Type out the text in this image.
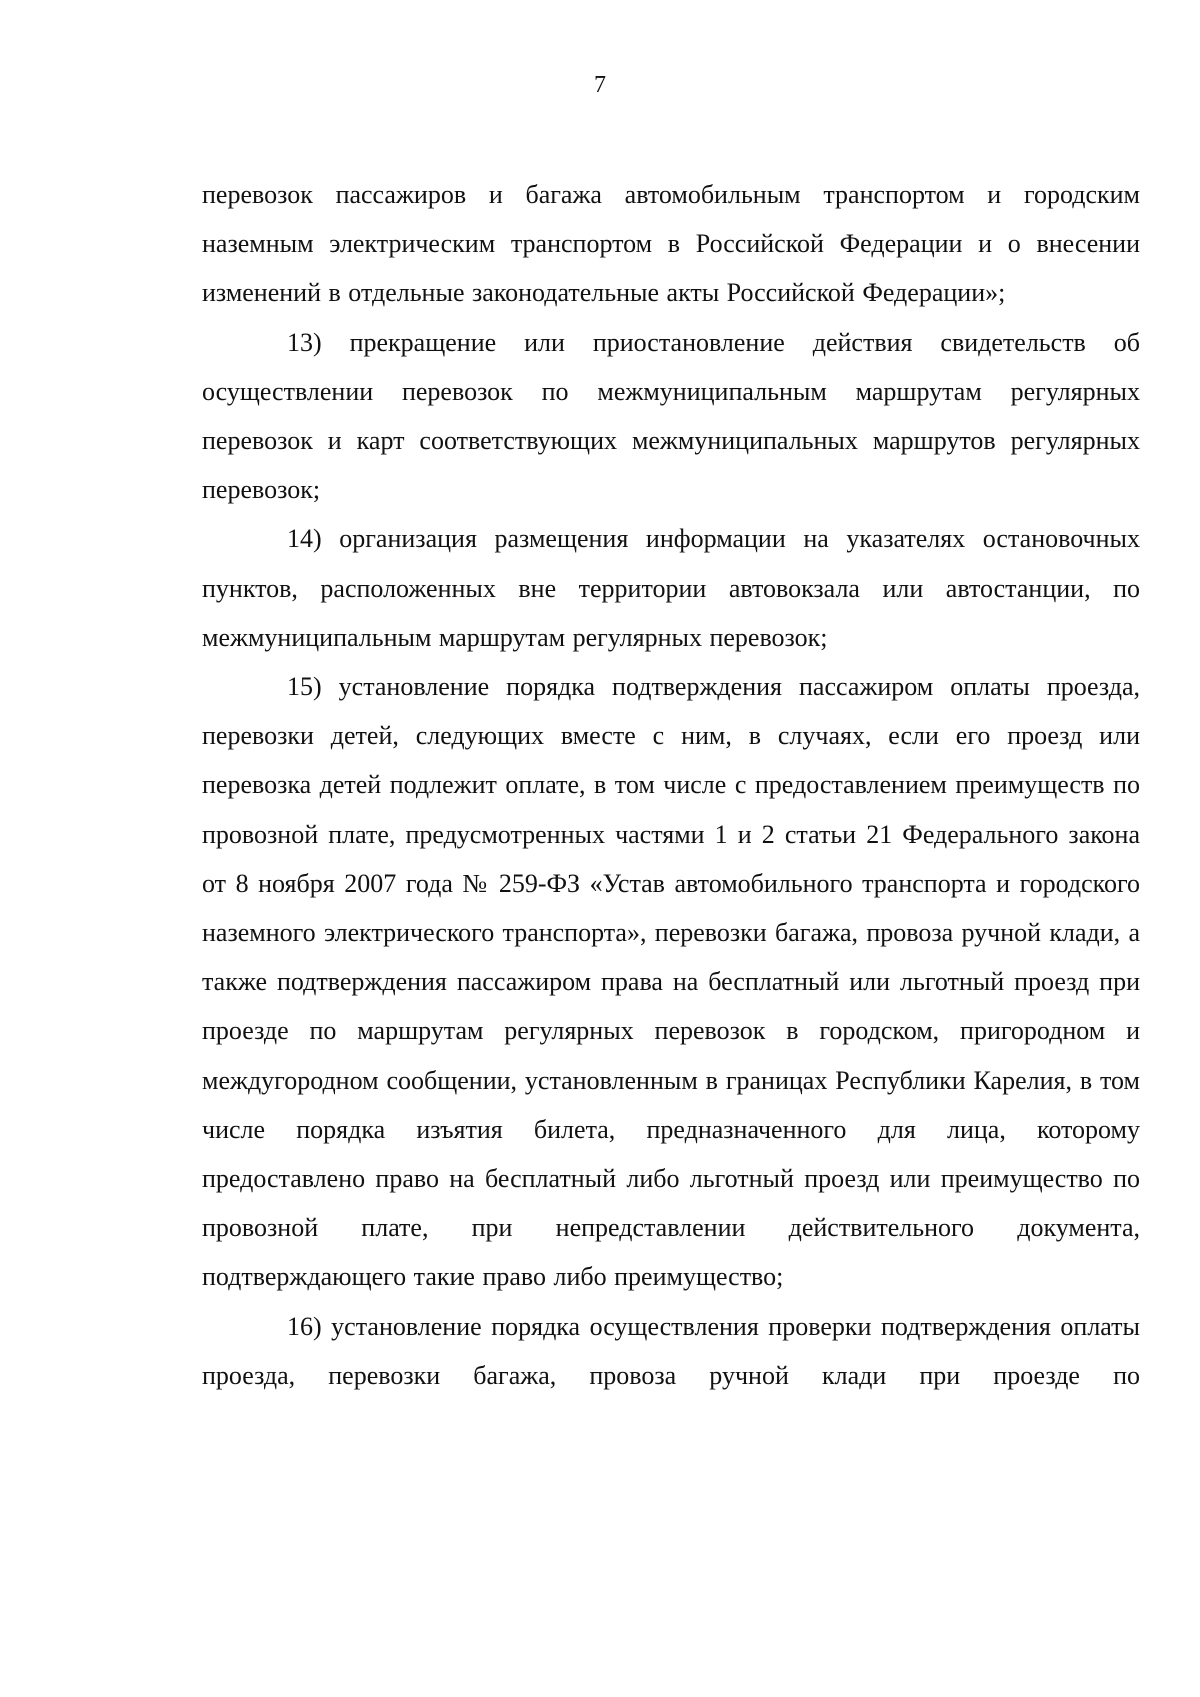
7

перевозок пассажиров и багажа автомобильным транспортом и городским наземным электрическим транспортом в Российской Федерации и о внесении изменений в отдельные законодательные акты Российской Федерации»;

13) прекращение или приостановление действия свидетельств об осуществлении перевозок по межмуниципальным маршрутам регулярных перевозок и карт соответствующих межмуниципальных маршрутов регулярных перевозок;

14) организация размещения информации на указателях остановочных пунктов, расположенных вне территории автовокзала или автостанции, по межмуниципальным маршрутам регулярных перевозок;

15) установление порядка подтверждения пассажиром оплаты проезда, перевозки детей, следующих вместе с ним, в случаях, если его проезд или перевозка детей подлежит оплате, в том числе с предоставлением преимуществ по провозной плате, предусмотренных частями 1 и 2 статьи 21 Федерального закона от 8 ноября 2007 года № 259-ФЗ «Устав автомобильного транспорта и городского наземного электрического транспорта», перевозки багажа, провоза ручной клади, а также подтверждения пассажиром права на бесплатный или льготный проезд при проезде по маршрутам регулярных перевозок в городском, пригородном и междугородном сообщении, установленным в границах Республики Карелия, в том числе порядка изъятия билета, предназначенного для лица, которому предоставлено право на бесплатный либо льготный проезд или преимущество по провозной плате, при непредставлении действительного документа, подтверждающего такие право либо преимущество;

16) установление порядка осуществления проверки подтверждения оплаты проезда, перевозки багажа, провоза ручной клади при проезде по
